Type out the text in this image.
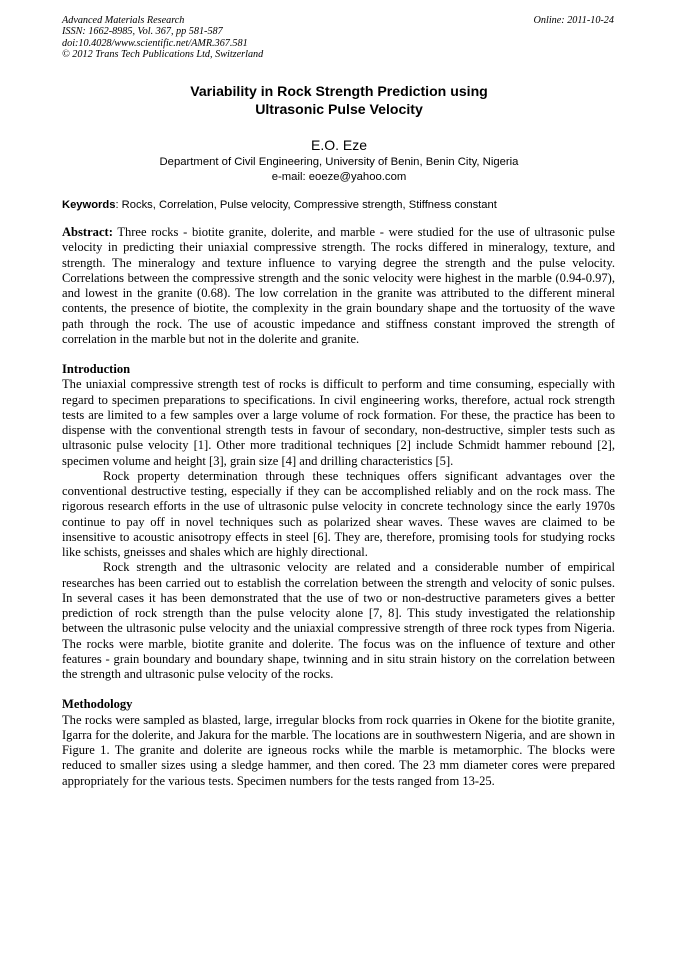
Advanced Materials Research	Online: 2011-10-24
ISSN: 1662-8985, Vol. 367, pp 581-587
doi:10.4028/www.scientific.net/AMR.367.581
© 2012 Trans Tech Publications Ltd, Switzerland
Variability in Rock Strength Prediction using
Ultrasonic Pulse Velocity
E.O. Eze
Department of Civil Engineering, University of Benin, Benin City, Nigeria
e-mail: eoeze@yahoo.com
Keywords: Rocks, Correlation, Pulse velocity, Compressive strength, Stiffness constant

Abstract: Three rocks - biotite granite, dolerite, and marble - were studied for the use of ultrasonic pulse velocity in predicting their uniaxial compressive strength. The rocks differed in mineralogy, texture, and strength. The mineralogy and texture influence to varying degree the strength and the pulse velocity. Correlations between the compressive strength and the sonic velocity were highest in the marble (0.94-0.97), and lowest in the granite (0.68). The low correlation in the granite was attributed to the different mineral contents, the presence of biotite, the complexity in the grain boundary shape and the tortuosity of the wave path through the rock. The use of acoustic impedance and stiffness constant improved the strength of correlation in the marble but not in the dolerite and granite.

Introduction

The uniaxial compressive strength test of rocks is difficult to perform and time consuming, especially with regard to specimen preparations to specifications. In civil engineering works, therefore, actual rock strength tests are limited to a few samples over a large volume of rock formation. For these, the practice has been to dispense with the conventional strength tests in favour of secondary, non-destructive, simpler tests such as ultrasonic pulse velocity [1]. Other more traditional techniques [2] include Schmidt hammer rebound [2], specimen volume and height [3], grain size [4] and drilling characteristics [5].

Rock property determination through these techniques offers significant advantages over the conventional destructive testing, especially if they can be accomplished reliably and on the rock mass. The rigorous research efforts in the use of ultrasonic pulse velocity in concrete technology since the early 1970s continue to pay off in novel techniques such as polarized shear waves. These waves are claimed to be insensitive to acoustic anisotropy effects in steel [6]. They are, therefore, promising tools for studying rocks like schists, gneisses and shales which are highly directional.

Rock strength and the ultrasonic velocity are related and a considerable number of empirical researches has been carried out to establish the correlation between the strength and velocity of sonic pulses. In several cases it has been demonstrated that the use of two or non-destructive parameters gives a better prediction of rock strength than the pulse velocity alone [7, 8]. This study investigated the relationship between the ultrasonic pulse velocity and the uniaxial compressive strength of three rock types from Nigeria. The rocks were marble, biotite granite and dolerite. The focus was on the influence of texture and other features - grain boundary and boundary shape, twinning and in situ strain history on the correlation between the strength and ultrasonic pulse velocity of the rocks.

Methodology

The rocks were sampled as blasted, large, irregular blocks from rock quarries in Okene for the biotite granite, Igarra for the dolerite, and Jakura for the marble. The locations are in southwestern Nigeria, and are shown in Figure 1. The granite and dolerite are igneous rocks while the marble is metamorphic. The blocks were reduced to smaller sizes using a sledge hammer, and then cored. The 23 mm diameter cores were prepared appropriately for the various tests. Specimen numbers for the tests ranged from 13-25.
